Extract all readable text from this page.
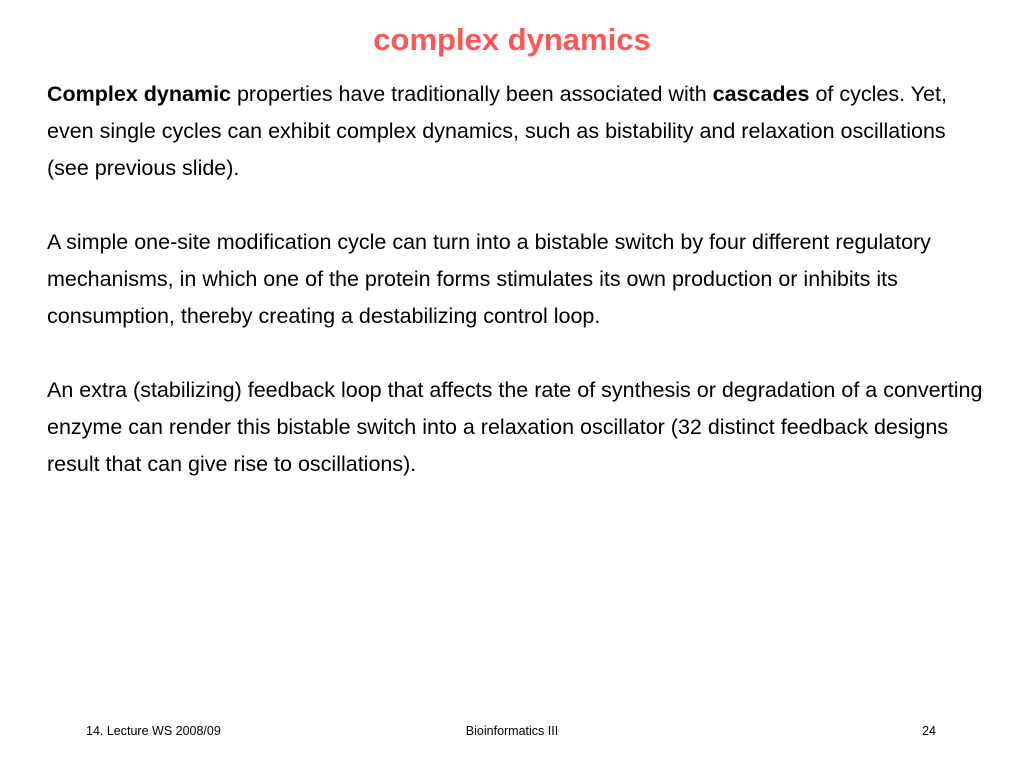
complex dynamics

Complex dynamic properties have traditionally been associated with cascades of cycles. Yet, even single cycles can exhibit complex dynamics, such as bistability and relaxation oscillations (see previous slide).

A simple one-site modification cycle can turn into a bistable switch by four different regulatory mechanisms, in which one of the protein forms stimulates its own production or inhibits its consumption, thereby creating a destabilizing control loop.

An extra (stabilizing) feedback loop that affects the rate of synthesis or degradation of a converting enzyme can render this bistable switch into a relaxation oscillator (32 distinct feedback designs result that can give rise to oscillations).

14. Lecture WS 2008/09	Bioinformatics III	24
